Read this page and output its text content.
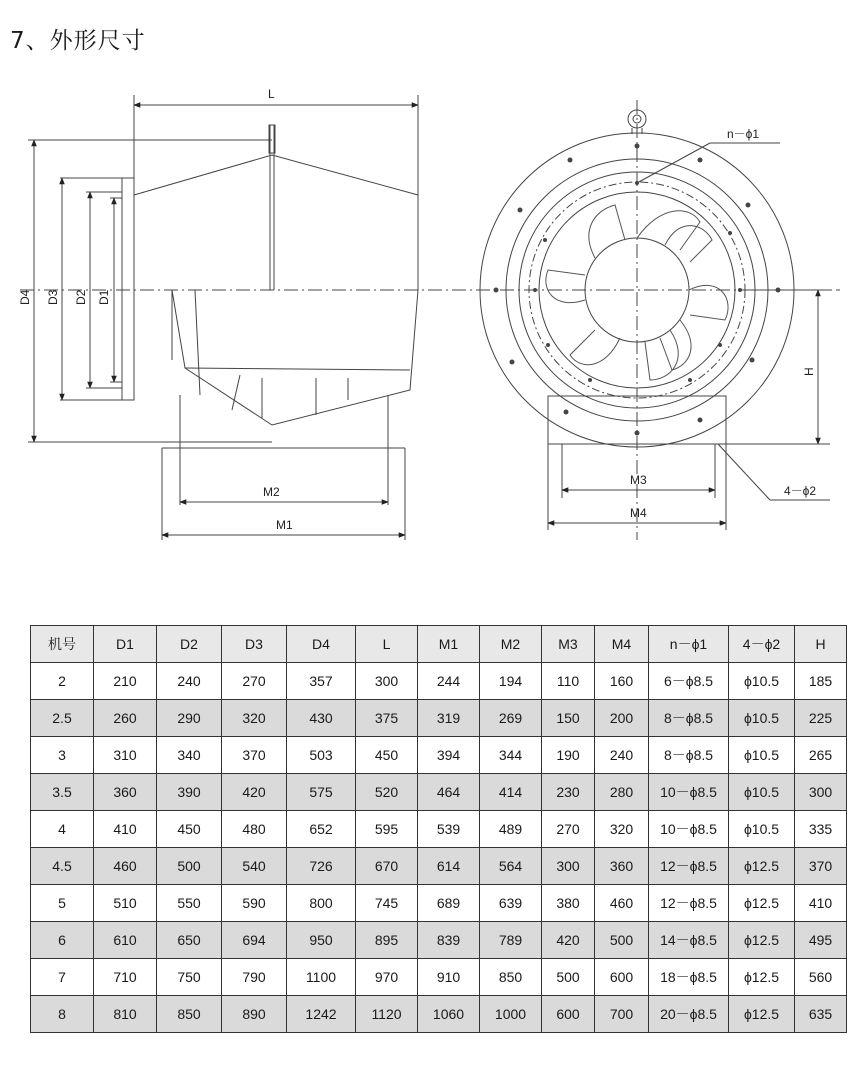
7、外形尺寸
L
D4 D3 D2 D1
M2
M1
n－ϕ1
H
M3
M4
4－ϕ2
机号	D1	D2	D3	D4	L	M1	M2	M3	M4	n－ϕ1	4－ϕ2	H
2	210	240	270	357	300	244	194	110	160	6－ϕ8.5	ϕ10.5	185
2.5	260	290	320	430	375	319	269	150	200	8－ϕ8.5	ϕ10.5	225
3	310	340	370	503	450	394	344	190	240	8－ϕ8.5	ϕ10.5	265
3.5	360	390	420	575	520	464	414	230	280	10－ϕ8.5	ϕ10.5	300
4	410	450	480	652	595	539	489	270	320	10－ϕ8.5	ϕ10.5	335
4.5	460	500	540	726	670	614	564	300	360	12－ϕ8.5	ϕ12.5	370
5	510	550	590	800	745	689	639	380	460	12－ϕ8.5	ϕ12.5	410
6	610	650	694	950	895	839	789	420	500	14－ϕ8.5	ϕ12.5	495
7	710	750	790	1100	970	910	850	500	600	18－ϕ8.5	ϕ12.5	560
8	810	850	890	1242	1120	1060	1000	600	700	20－ϕ8.5	ϕ12.5	635
